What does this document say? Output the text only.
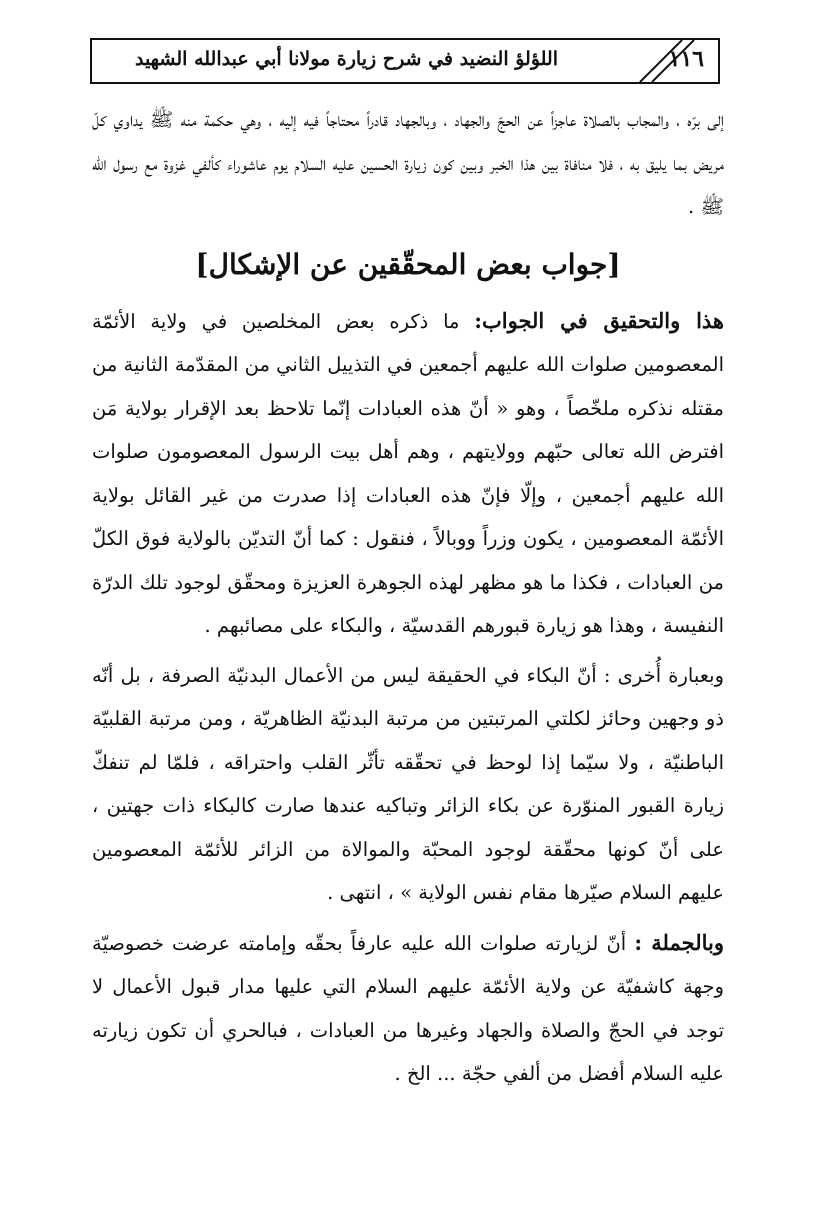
اللؤلؤ النضيد في شرح زيارة مولانا أبي عبدالله الشهيد	١١٦

إلى برّه ، والمجاب بالصلاة عاجزاً عن الحجّ والجهاد ، وبالجهاد قادراً محتاجاً فيه إليه ، وهي حكمة منه ﷺ يداوي كلّ مريض بما يليق به ، فلا منافاة بين هذا الخبر وبين كون زيارة الحسين عليه السلام يوم عاشوراء كألفي غزوة مع رسول الله ﷺ .

[جواب بعض المحقّقين عن الإشكال]

هذا والتحقيق في الجواب: ما ذكره بعض المخلصين في ولاية الأئمّة المعصومين صلوات الله عليهم أجمعين في التذييل الثاني من المقدّمة الثانية من مقتله نذكره ملخّصاً ، وهو « أنّ هذه العبادات إنّما تلاحظ بعد الإقرار بولاية مَن افترض الله تعالى حبّهم وولايتهم ، وهم أهل بيت الرسول المعصومون صلوات الله عليهم أجمعين ، وإلّا فإنّ هذه العبادات إذا صدرت من غير القائل بولاية الأئمّة المعصومين ، يكون وزراً ووبالاً ، فنقول : كما أنّ التديّن بالولاية فوق الكلّ من العبادات ، فكذا ما هو مظهر لهذه الجوهرة العزيزة ومحقّق لوجود تلك الدرّة النفيسة ، وهذا هو زيارة قبورهم القدسيّة ، والبكاء على مصائبهم .

وبعبارة أُخرى : أنّ البكاء في الحقيقة ليس من الأعمال البدنيّة الصرفة ، بل أنّه ذو وجهين وحائز لكلتي المرتبتين من مرتبة البدنيّة الظاهريّة ، ومن مرتبة القلبيّة الباطنيّة ، ولا سيّما إذا لوحظ في تحقّقه تأثّر القلب واحتراقه ، فلمّا لم تنفكّ زيارة القبور المنوّرة عن بكاء الزائر وتباكيه عندها صارت كالبكاء ذات جهتين ، على أنّ كونها محقّقة لوجود المحبّة والموالاة من الزائر للأئمّة المعصومين عليهم السلام صيّرها مقام نفس الولاية » ، انتهى .

وبالجملة : أنّ لزيارته صلوات الله عليه عارفاً بحقّه وإمامته عرضت خصوصيّة وجهة كاشفيّة عن ولاية الأئمّة عليهم السلام التي عليها مدار قبول الأعمال لا توجد في الحجّ والصلاة والجهاد وغيرها من العبادات ، فبالحري أن تكون زيارته عليه السلام أفضل من ألفي حجّة ... الخ .
